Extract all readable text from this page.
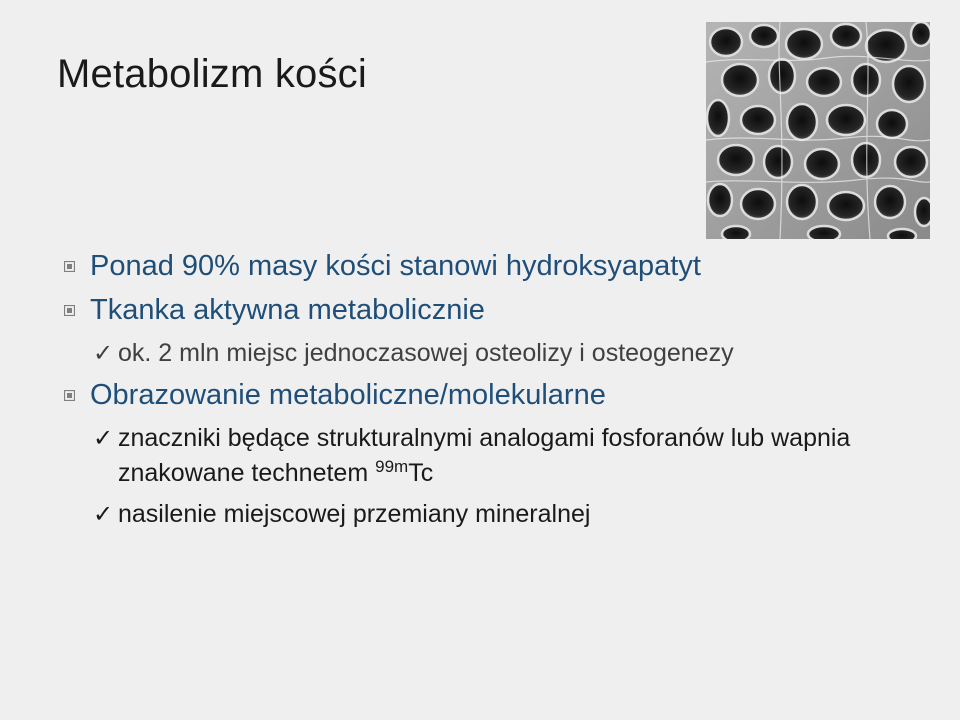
Metabolizm kości
Ponad 90% masy kości stanowi hydroksyapatyt
Tkanka aktywna metabolicznie
✓ ok. 2 mln miejsc jednoczasowej osteolizy i osteogenezy
Obrazowanie metaboliczne/molekularne
✓ znaczniki będące strukturalnymi analogami fosforanów lub wapnia znakowane technetem $^{99m}$Tc
✓ nasilenie miejscowej przemiany mineralnej
